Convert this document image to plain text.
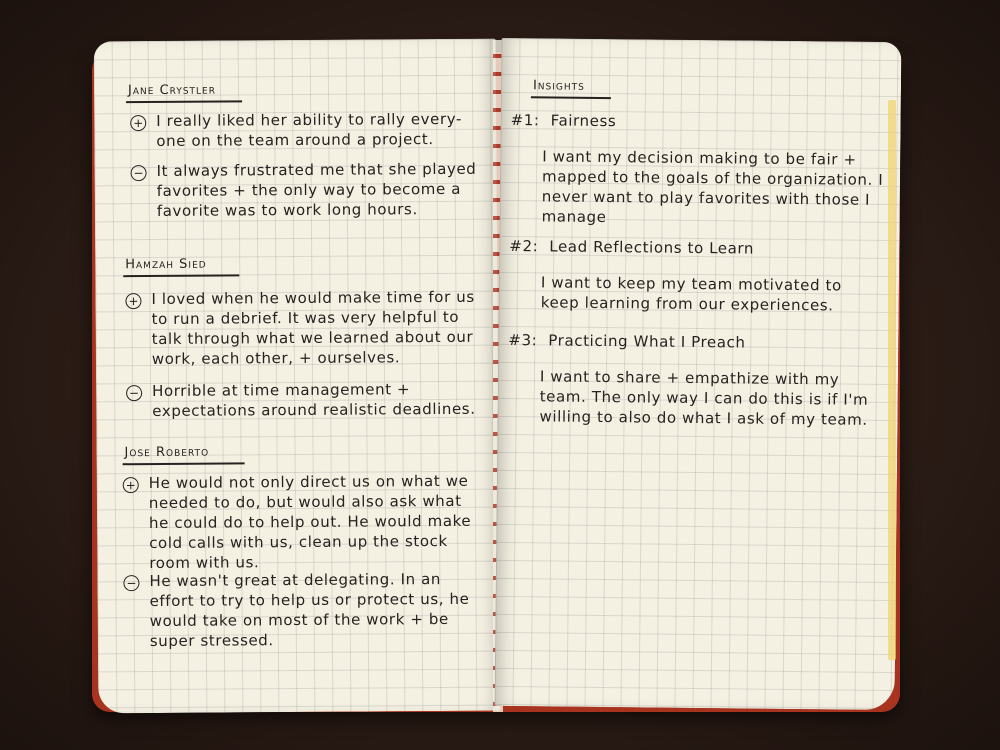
Jane Crystler
+ I really liked her ability to rally every-one on the team around a project.
− It always frustrated me that she played favorites + the only way to become a favorite was to work long hours.
Hamzah Sied
+ I loved when he would make time for us to run a debrief. It was very helpful to talk through what we learned about our work, each other, + ourselves.
− Horrible at time management + expectations around realistic deadlines.
Jose Roberto
+ He would not only direct us on what we needed to do, but would also ask what he could do to help out. He would make cold calls with us, clean up the stock room with us.
− He wasn't great at delegating. In an effort to try to help us or protect us, he would take on most of the work + be super stressed.
Insights
#1: Fairness
I want my decision making to be fair + mapped to the goals of the organization. I never want to play favorites with those I manage
#2: Lead Reflections to Learn
I want to keep my team motivated to keep learning from our experiences.
#3: Practicing What I Preach
I want to share + empathize with my team. The only way I can do this is if I'm willing to also do what I ask of my team.
